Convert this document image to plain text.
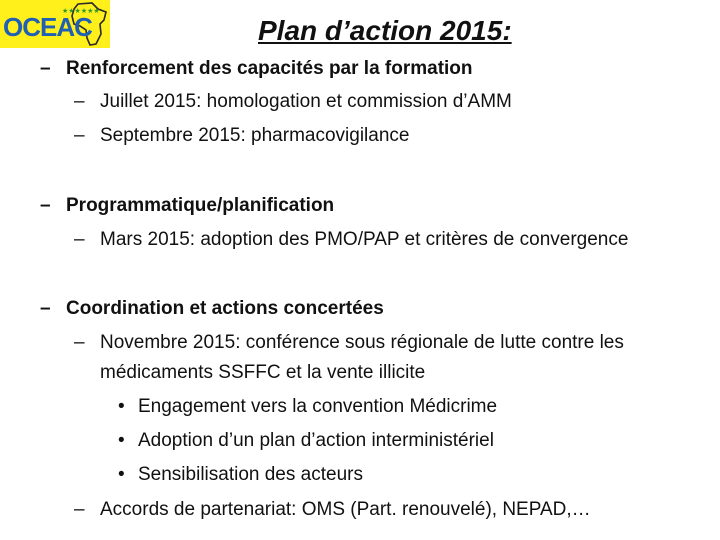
★★★★★★
OCEAC	Plan d’action 2015:
– Renforcement des capacités par la formation
– Juillet 2015: homologation et commission d’AMM
– Septembre 2015: pharmacovigilance
– Programmatique/planification
– Mars 2015: adoption des PMO/PAP et critères de convergence
– Coordination et actions concertées
– Novembre 2015: conférence sous régionale de lutte contre les
médicaments SSFFC et la vente illicite
• Engagement vers la convention Médicrime
• Adoption d’un plan d’action interministériel
• Sensibilisation des acteurs
– Accords de partenariat: OMS (Part. renouvelé), NEPAD,…
